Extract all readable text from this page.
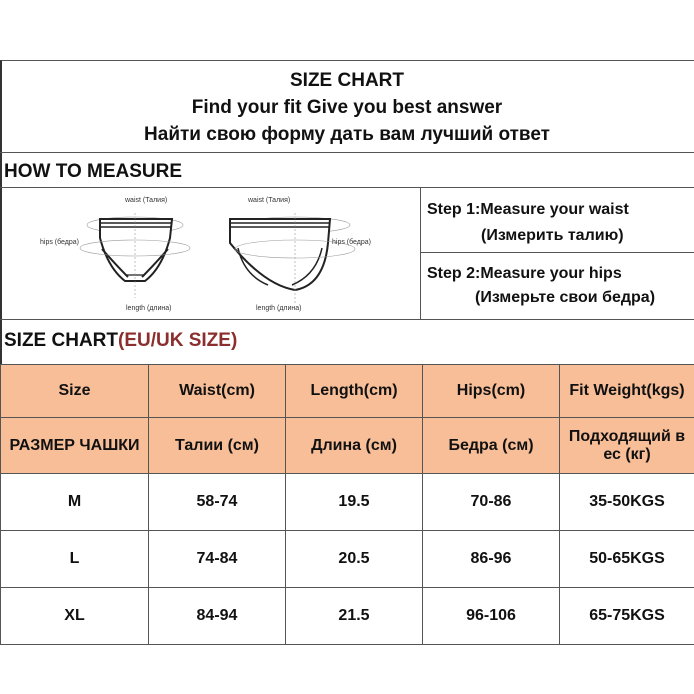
SIZE CHART
Find your fit Give you best answer
Найти свою форму дать вам лучший ответ
HOW TO MEASURE
waist (Талия)
hips (бедра)
length (длина)
waist (Талия)
hips (бедра)
length (длина)
Step 1:Measure your waist
(Измерить талию)
Step 2:Measure your hips
(Измерьте свои бедра)
SIZE CHART(EU/UK SIZE)
Size	Waist(cm)	Length(cm)	Hips(cm)	Fit Weight(kgs)
РАЗМЕР ЧАШКИ	Талии (см)	Длина (см)	Бедра (см)	Подходящий в ес (кг)
M	58-74	19.5	70-86	35-50KGS
L	74-84	20.5	86-96	50-65KGS
XL	84-94	21.5	96-106	65-75KGS
